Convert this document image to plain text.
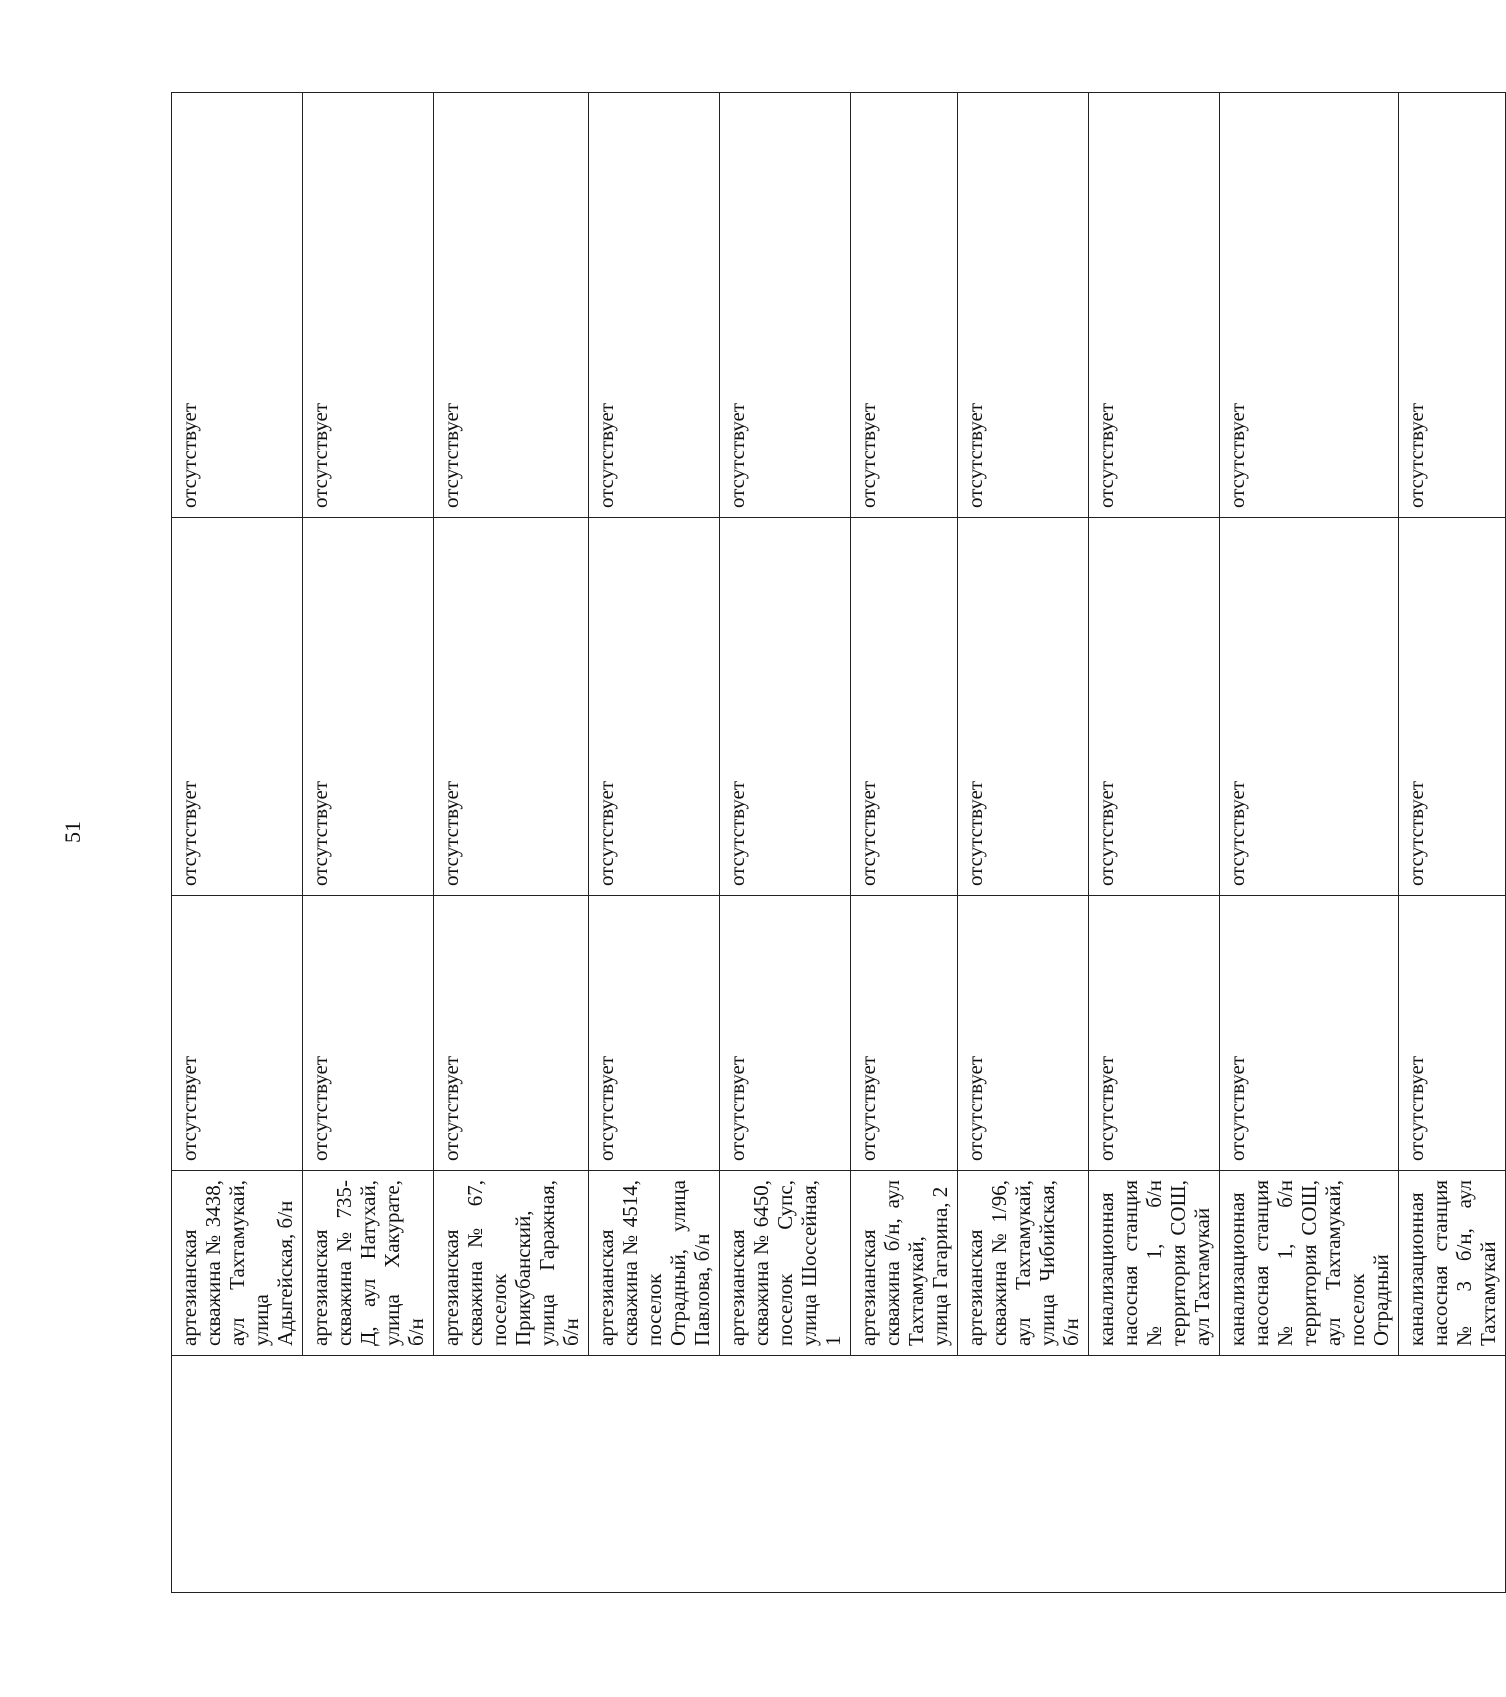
51
	артезианская скважина № 3438, аул Тахтамукай, улица Адыгейская, б/н	отсутствует	отсутствует	отсутствует
	артезианская скважина № 735-Д, аул Натухай, улица Хакурате, б/н	отсутствует	отсутствует	отсутствует
	артезианская скважина № 67, поселок Прикубанский, улица Гаражная, б/н	отсутствует	отсутствует	отсутствует
	артезианская скважина № 4514, поселок Отрадный, улица Павлова, б/н	отсутствует	отсутствует	отсутствует
	артезианская скважина № 6450, поселок Супс, улица Шоссейная, 1	отсутствует	отсутствует	отсутствует
	артезианская скважина б/н, аул Тахтамукай, улица Гагарина, 2	отсутствует	отсутствует	отсутствует
	артезианская скважина № 1/96, аул Тахтамукай, улица Чибийская, б/н	отсутствует	отсутствует	отсутствует
	канализационная насосная станция № 1, б/н территория СОШ, аул Тахтамукай	отсутствует	отсутствует	отсутствует
	канализационная насосная станция № 1, б/н территория СОШ, аул Тахтамукай, поселок Отрадный	отсутствует	отсутствует	отсутствует
	канализационная насосная станция № 3 б/н, аул Тахтамукай	отсутствует	отсутствует	отсутствует
